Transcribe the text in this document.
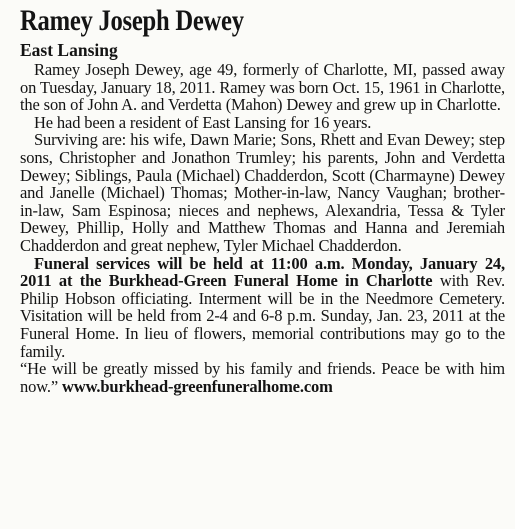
Ramey Joseph Dewey
East Lansing

Ramey Joseph Dewey, age 49, formerly of Charlotte, MI, passed away on Tuesday, January 18, 2011. Ramey was born Oct. 15, 1961 in Charlotte, the son of John A. and Verdetta (Mahon) Dewey and grew up in Charlotte.

He had been a resident of East Lansing for 16 years.

Surviving are: his wife, Dawn Marie; Sons, Rhett and Evan Dewey; step sons, Christopher and Jonathon Trumley; his parents, John and Verdetta Dewey; Siblings, Paula (Michael) Chadderdon, Scott (Charmayne) Dewey and Janelle (Michael) Thomas; Mother-in-law, Nancy Vaughan; brother-in-law, Sam Espinosa; nieces and nephews, Alexandria, Tessa & Tyler Dewey, Phillip, Holly and Matthew Thomas and Hanna and Jeremiah Chadderdon and great nephew, Tyler Michael Chadderdon.

Funeral services will be held at 11:00 a.m. Monday, January 24, 2011 at the Burkhead-Green Funeral Home in Charlotte with Rev. Philip Hobson officiating. Interment will be in the Needmore Cemetery. Visitation will be held from 2-4 and 6-8 p.m. Sunday, Jan. 23, 2011 at the Funeral Home. In lieu of flowers, memorial contributions may go to the family.

“He will be greatly missed by his family and friends. Peace be with him now.” www.burkhead-greenfuneralhome.com
